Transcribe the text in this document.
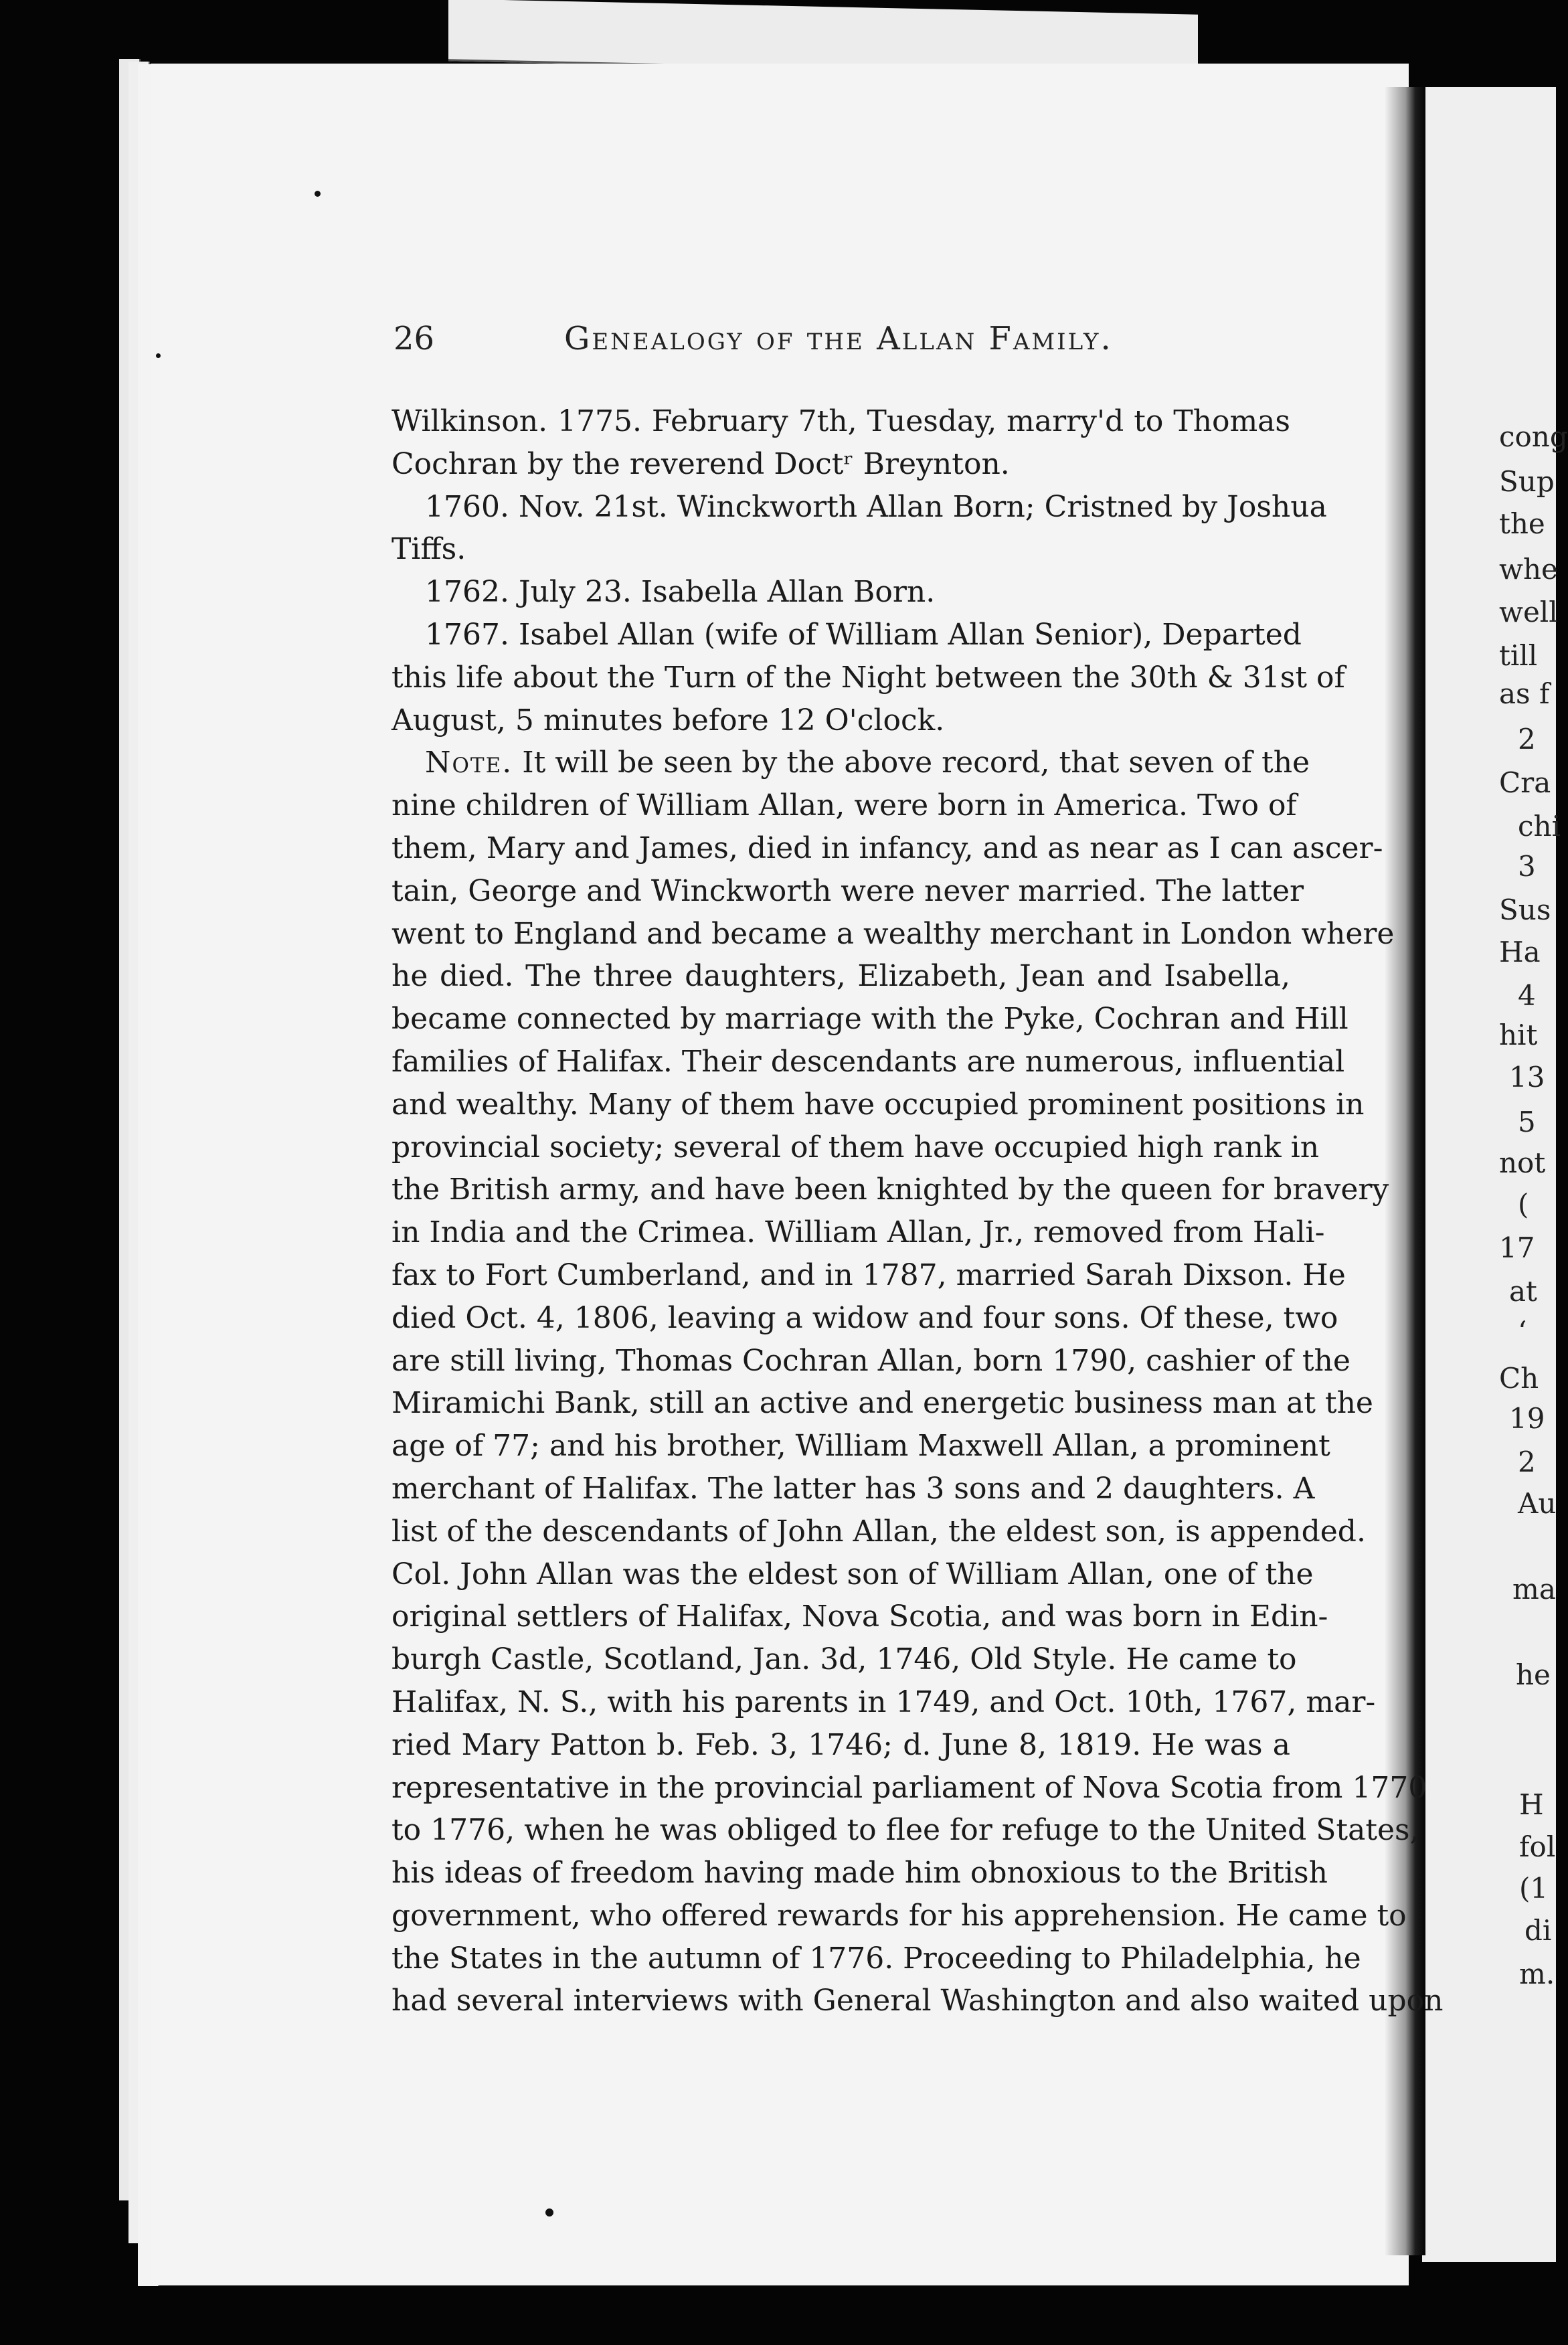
26	Genealogy of the Allan Family.
Wilkinson. 1775. February 7th, Tuesday, marry'd to Thomas
Cochran by the reverend Doctʳ Breynton.
1760. Nov. 21st. Winckworth Allan Born; Cristned by Joshua
Tiffs.
1762. July 23. Isabella Allan Born.
1767. Isabel Allan (wife of William Allan Senior), Departed
this life about the Turn of the Night between the 30th & 31st of
August, 5 minutes before 12 O'clock.
Note. It will be seen by the above record, that seven of the
nine children of William Allan, were born in America. Two of
them, Mary and James, died in infancy, and as near as I can ascer-
tain, George and Winckworth were never married. The latter
went to England and became a wealthy merchant in London where
he died. The three daughters, Elizabeth, Jean and Isabella,
became connected by marriage with the Pyke, Cochran and Hill
families of Halifax. Their descendants are numerous, influential
and wealthy. Many of them have occupied prominent positions in
provincial society; several of them have occupied high rank in
the British army, and have been knighted by the queen for bravery
in India and the Crimea. William Allan, Jr., removed from Hali-
fax to Fort Cumberland, and in 1787, married Sarah Dixson. He
died Oct. 4, 1806, leaving a widow and four sons. Of these, two
are still living, Thomas Cochran Allan, born 1790, cashier of the
Miramichi Bank, still an active and energetic business man at the
age of 77; and his brother, William Maxwell Allan, a prominent
merchant of Halifax. The latter has 3 sons and 2 daughters. A
list of the descendants of John Allan, the eldest son, is appended.
Col. John Allan was the eldest son of William Allan, one of the
original settlers of Halifax, Nova Scotia, and was born in Edin-
burgh Castle, Scotland, Jan. 3d, 1746, Old Style. He came to
Halifax, N. S., with his parents in 1749, and Oct. 10th, 1767, mar-
ried Mary Patton b. Feb. 3, 1746; d. June 8, 1819. He was a
representative in the provincial parliament of Nova Scotia from 1770
to 1776, when he was obliged to flee for refuge to the United States,
his ideas of freedom having made him obnoxious to the British
government, who offered rewards for his apprehension. He came to
the States in the autumn of 1776. Proceeding to Philadelphia, he
had several interviews with General Washington and also waited upon
cong
Sup
the
whe
well
till
as f
2
Cra
chi
3
Sus
Ha
4
hit
13
5
not
(
17
at
‘
Ch
19
2
Au
ma
he
H
fol
(1
di
m.
